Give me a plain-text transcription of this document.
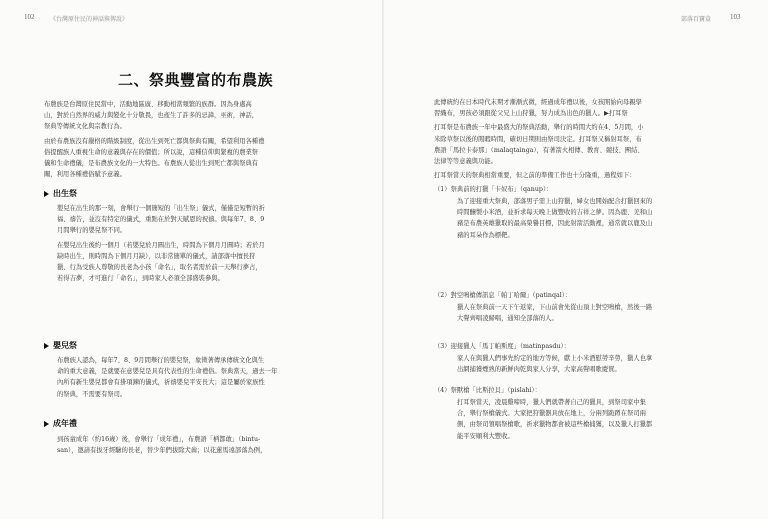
102	《台灣原住民的神話與傳說》
二、祭典豐富的布農族

布農族是台灣原住民當中，活動地區廣、移動相當頻繁的族群。因為身處高

山，對於自然界的威力與變化十分敬畏，也產生了許多的忌諱，巫術，神話，

祭典等傳統文化與宗教行為。

由於布農族沒有嚴格的階級制度，從出生到死亡都與祭典有關，希望利用各種禮

俗提醒族人重視生命的意義與存在的價值；所以說，這種信仰與緊複的農業祭

儀和生命禮儀，是布農族文化的一大特色。布農族人從出生到死亡都與祭典有

關，利用各種禮俗賦予意義。

出生祭

嬰兒在出生的那一刻，會舉行一個簡短的「出生祭」儀式，僅僅是短暫的祈

福、禱告，並沒有特定的儀式，重點在於對天賦恩的祝禱。與每年7、8、9

月間舉行的嬰兒祭不同。

在嬰兒出生後約一個月（若嬰兒於月圓出生，時間為下個月月圓時；若於月

缺時出生，則時間為下個月月缺），以非常簡單的儀式，請部落中擅長狩

獵、行為受族人尊敬的長老為小孩「命名」，取名者需於前一天舉行夢占，

若得吉夢，才可進行「命名」，到時家人必須全部盛裝參與。

嬰兒祭

布農族人認為，每年7、8、9月間舉行的嬰兒祭，象徵著傳承傳統文化與生

命的重大意義，是就要在意嬰兒是具有代表性的生命禮俗。祭典當天，過去一年

內所有新生嬰兒都會有掛項鍊的儀式，祈禱嬰兒平安長大；這是屬於家族性

的祭典，不需要有祭司。

成年禮

到孩童成年（約16歲）後，會舉行「成年禮」，布農語「柄都敢」（bintu-

san），邀請有拔牙經驗的長老，替少年們拔除犬齒；以花蓮馬遠部落為例，

部落百寶盒	103

此傳統約在日本時代末期才漸漸式微，經過成年禮以後，女孩開始向母親學

習織布，男孩必須跟從父兄上山狩獵，努力成為出色的獵人。▶打耳祭

打耳祭是布農族一年中最盛大的祭典活動，舉行的時間大約在4、5月間，小

米除草祭以後的閒暇時間，確切日期則由祭司決定。打耳祭又稱射耳祭，布

農語「馬拉卡泰那」（malaqtainga），有著箭火相傳、教育、競技、團結、

法律等等意義與功能。

打耳祭當天的祭典相當重要，但之前的準備工作也十分隆重，過程如下：

（1）祭典前的打獵「卡奴布」（qanup）：

為了迎接重大祭典，部落男子需上山狩獵，婦女也開始配合打獵回來的

時間醸製小米酒，並祈求每天晚上做豐收的吉祥之夢。因為鹿、羌和山

豬是布農英雄獵取的最高榮譽目標，因此射箭活動裡，通常就以鹿及山

豬的耳朵作為標靶。

（2）對空鳴槍傳訊息「帕丁哈爾」（patinqal）：

獵人在祭典前一天下午返家，下山前會先從山頂上對空鳴槍，然後一路

大聲齊唱凌歸唱，通知全部落的人。

（3）迎接獵人「馬丁帕斯度」（matinpasdu）：

家人在與獵人們事先約定的地方等候，獻上小米酒慰勞辛勞，獵人也拿

出網捕獲煙熟的新鮮肉乾與家人分享，大家高聲唱歌慶賀。

（4）祭獸槍「比斯拉貝」（pislahi）：

打耳祭當天，凌晨雞啼時，獵人們就帶著自己的獵具，到祭司家中集

合，舉行祭槍儀式。大家把狩獵器具放在地上，分兩列跪蹲在祭司兩

側，由祭司領唱祭槍歌，祈求獵物都會被這些槍捕獲，以及獵人打獵都

能平安順利大豐收。
